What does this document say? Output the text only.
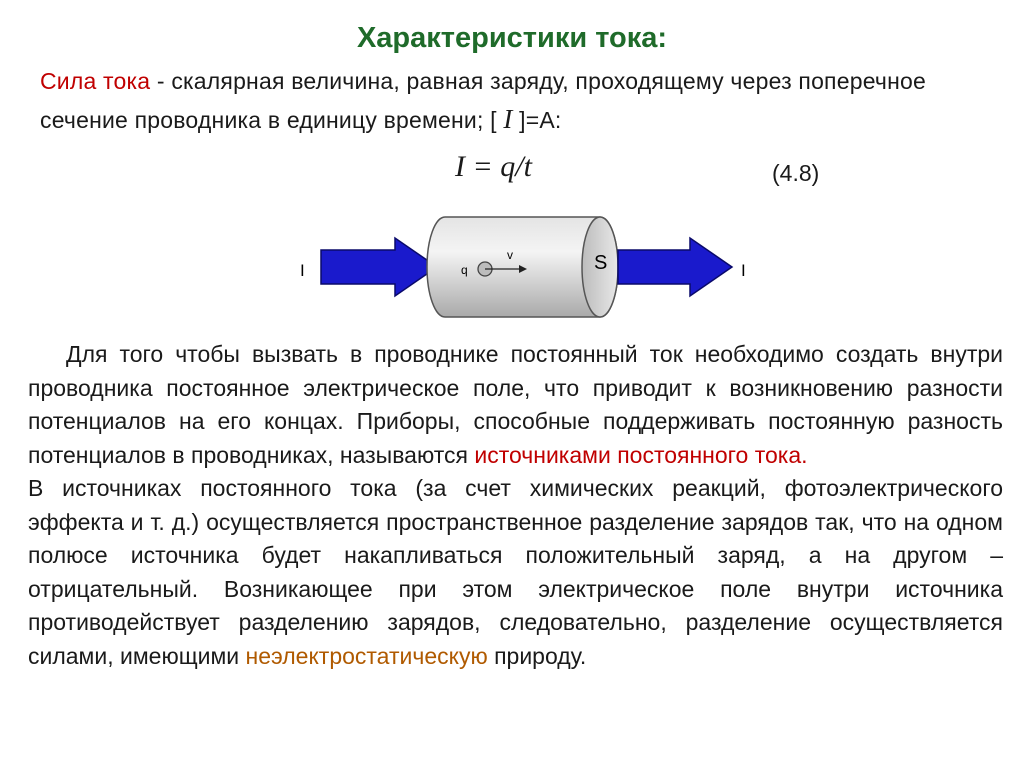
Характеристики тока:
Сила тока - скалярная величина, равная заряду, проходящему через поперечное сечение проводника в единицу времени; [ I ]=А:
I = q/t	(4.8)
I	q
v	S	I

Для того чтобы вызвать в проводнике постоянный ток необходимо создать внутри проводника постоянное электрическое поле, что приводит к возникновению разности потенциалов на его концах. Приборы, способные поддерживать постоянную разность потенциалов в проводниках, называются источниками постоянного тока.

В источниках постоянного тока (за счет химических реакций, фотоэлектрического эффекта и т. д.) осуществляется пространственное разделение зарядов так, что на одном полюсе источника будет накапливаться положительный заряд, а на другом – отрицательный. Возникающее при этом электрическое поле внутри источника противодействует разделению зарядов, следовательно, разделение осуществляется силами, имеющими неэлектростатическую природу.
